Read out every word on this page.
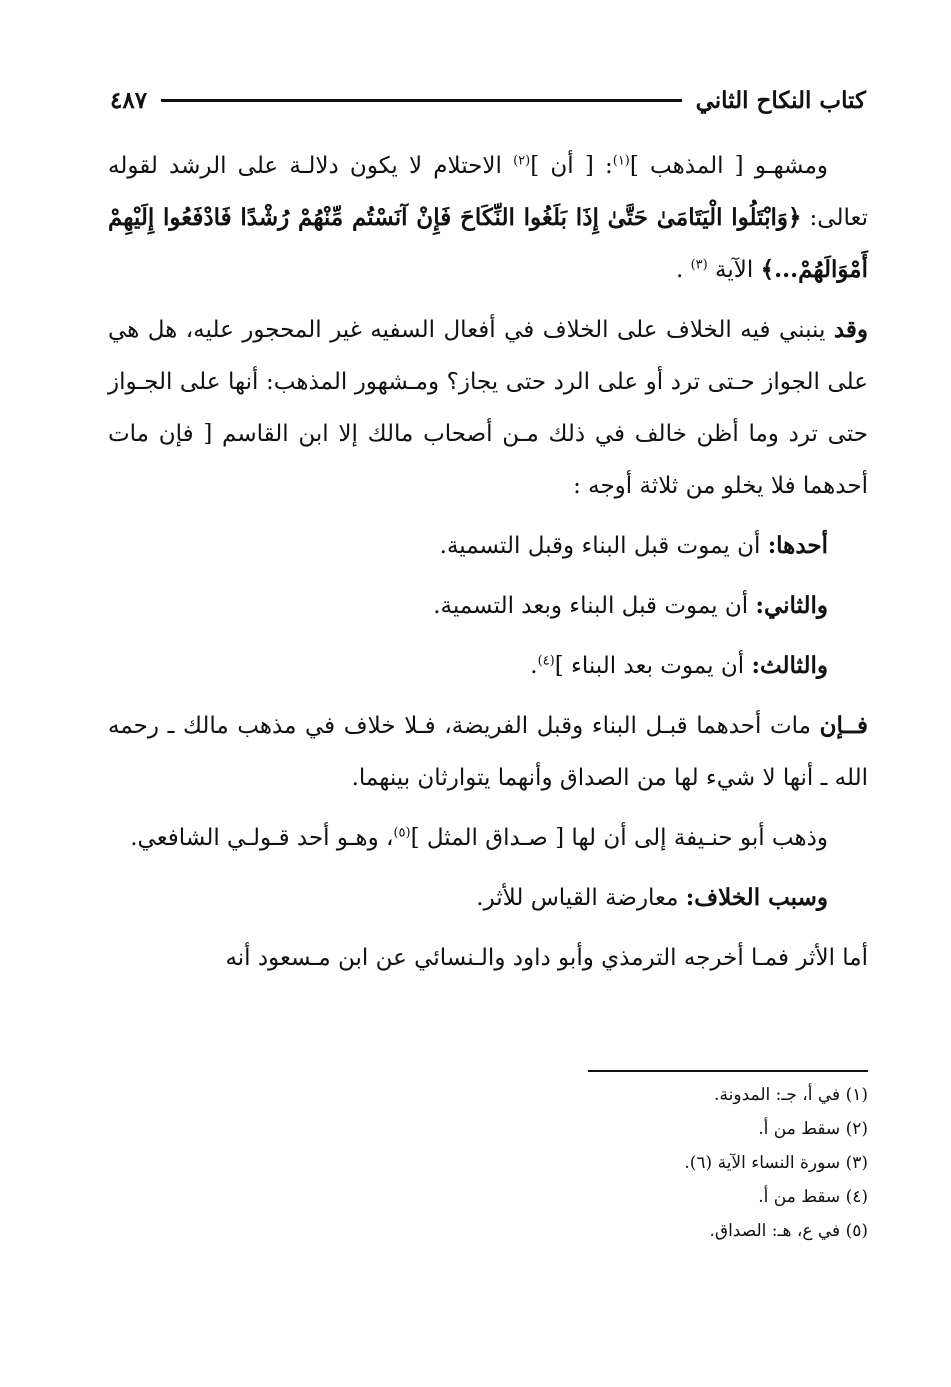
كتاب النكاح الثاني
٤٨٧

ومشهـو [ المذهب ]$^{(١)}$: [ أن ]$^{(٢)}$ الاحتلام لا يكون دلالـة على الرشد لقوله تعالى: ﴿وَابْتَلُوا الْيَتَامَىٰ حَتَّىٰ إِذَا بَلَغُوا النِّكَاحَ فَإِنْ آنَسْتُم مِّنْهُمْ رُشْدًا فَادْفَعُوا إِلَيْهِمْ أَمْوَالَهُمْ...﴾ الآية $^{(٣)}$ .

وقد ينبني فيه الخلاف على الخلاف في أفعال السفيه غير المحجور عليه، هل هي على الجواز حـتى ترد أو على الرد حتى يجاز؟ ومـشهور المذهب: أنها على الجـواز حتى ترد وما أظن خالف في ذلك مـن أصحاب مالك إلا ابن القاسم [ فإن مات أحدهما فلا يخلو من ثلاثة أوجه :

أحدها: أن يموت قبل البناء وقبل التسمية.

والثاني: أن يموت قبل البناء وبعد التسمية.

والثالث: أن يموت بعد البناء ]$^{(٤)}$.

فــإن مات أحدهما قبـل البناء وقبل الفريضة، فـلا خلاف في مذهب مالك ـ رحمه الله ـ أنها لا شيء لها من الصداق وأنهما يتوارثان بينهما.

وذهب أبو حنـيفة إلى أن لها [ صـداق المثل ]$^{(٥)}$، وهـو أحد قـولـي الشافعي.

وسبب الخلاف: معارضة القياس للأثر.

أما الأثر فمـا أخرجه الترمذي وأبو داود والـنسائي عن ابن مـسعود أنه

(١) في أ، جـ: المدونة.
(٢) سقط من أ.
(٣) سورة النساء الآية (٦).
(٤) سقط من أ.
(٥) في ع، هـ: الصداق.
